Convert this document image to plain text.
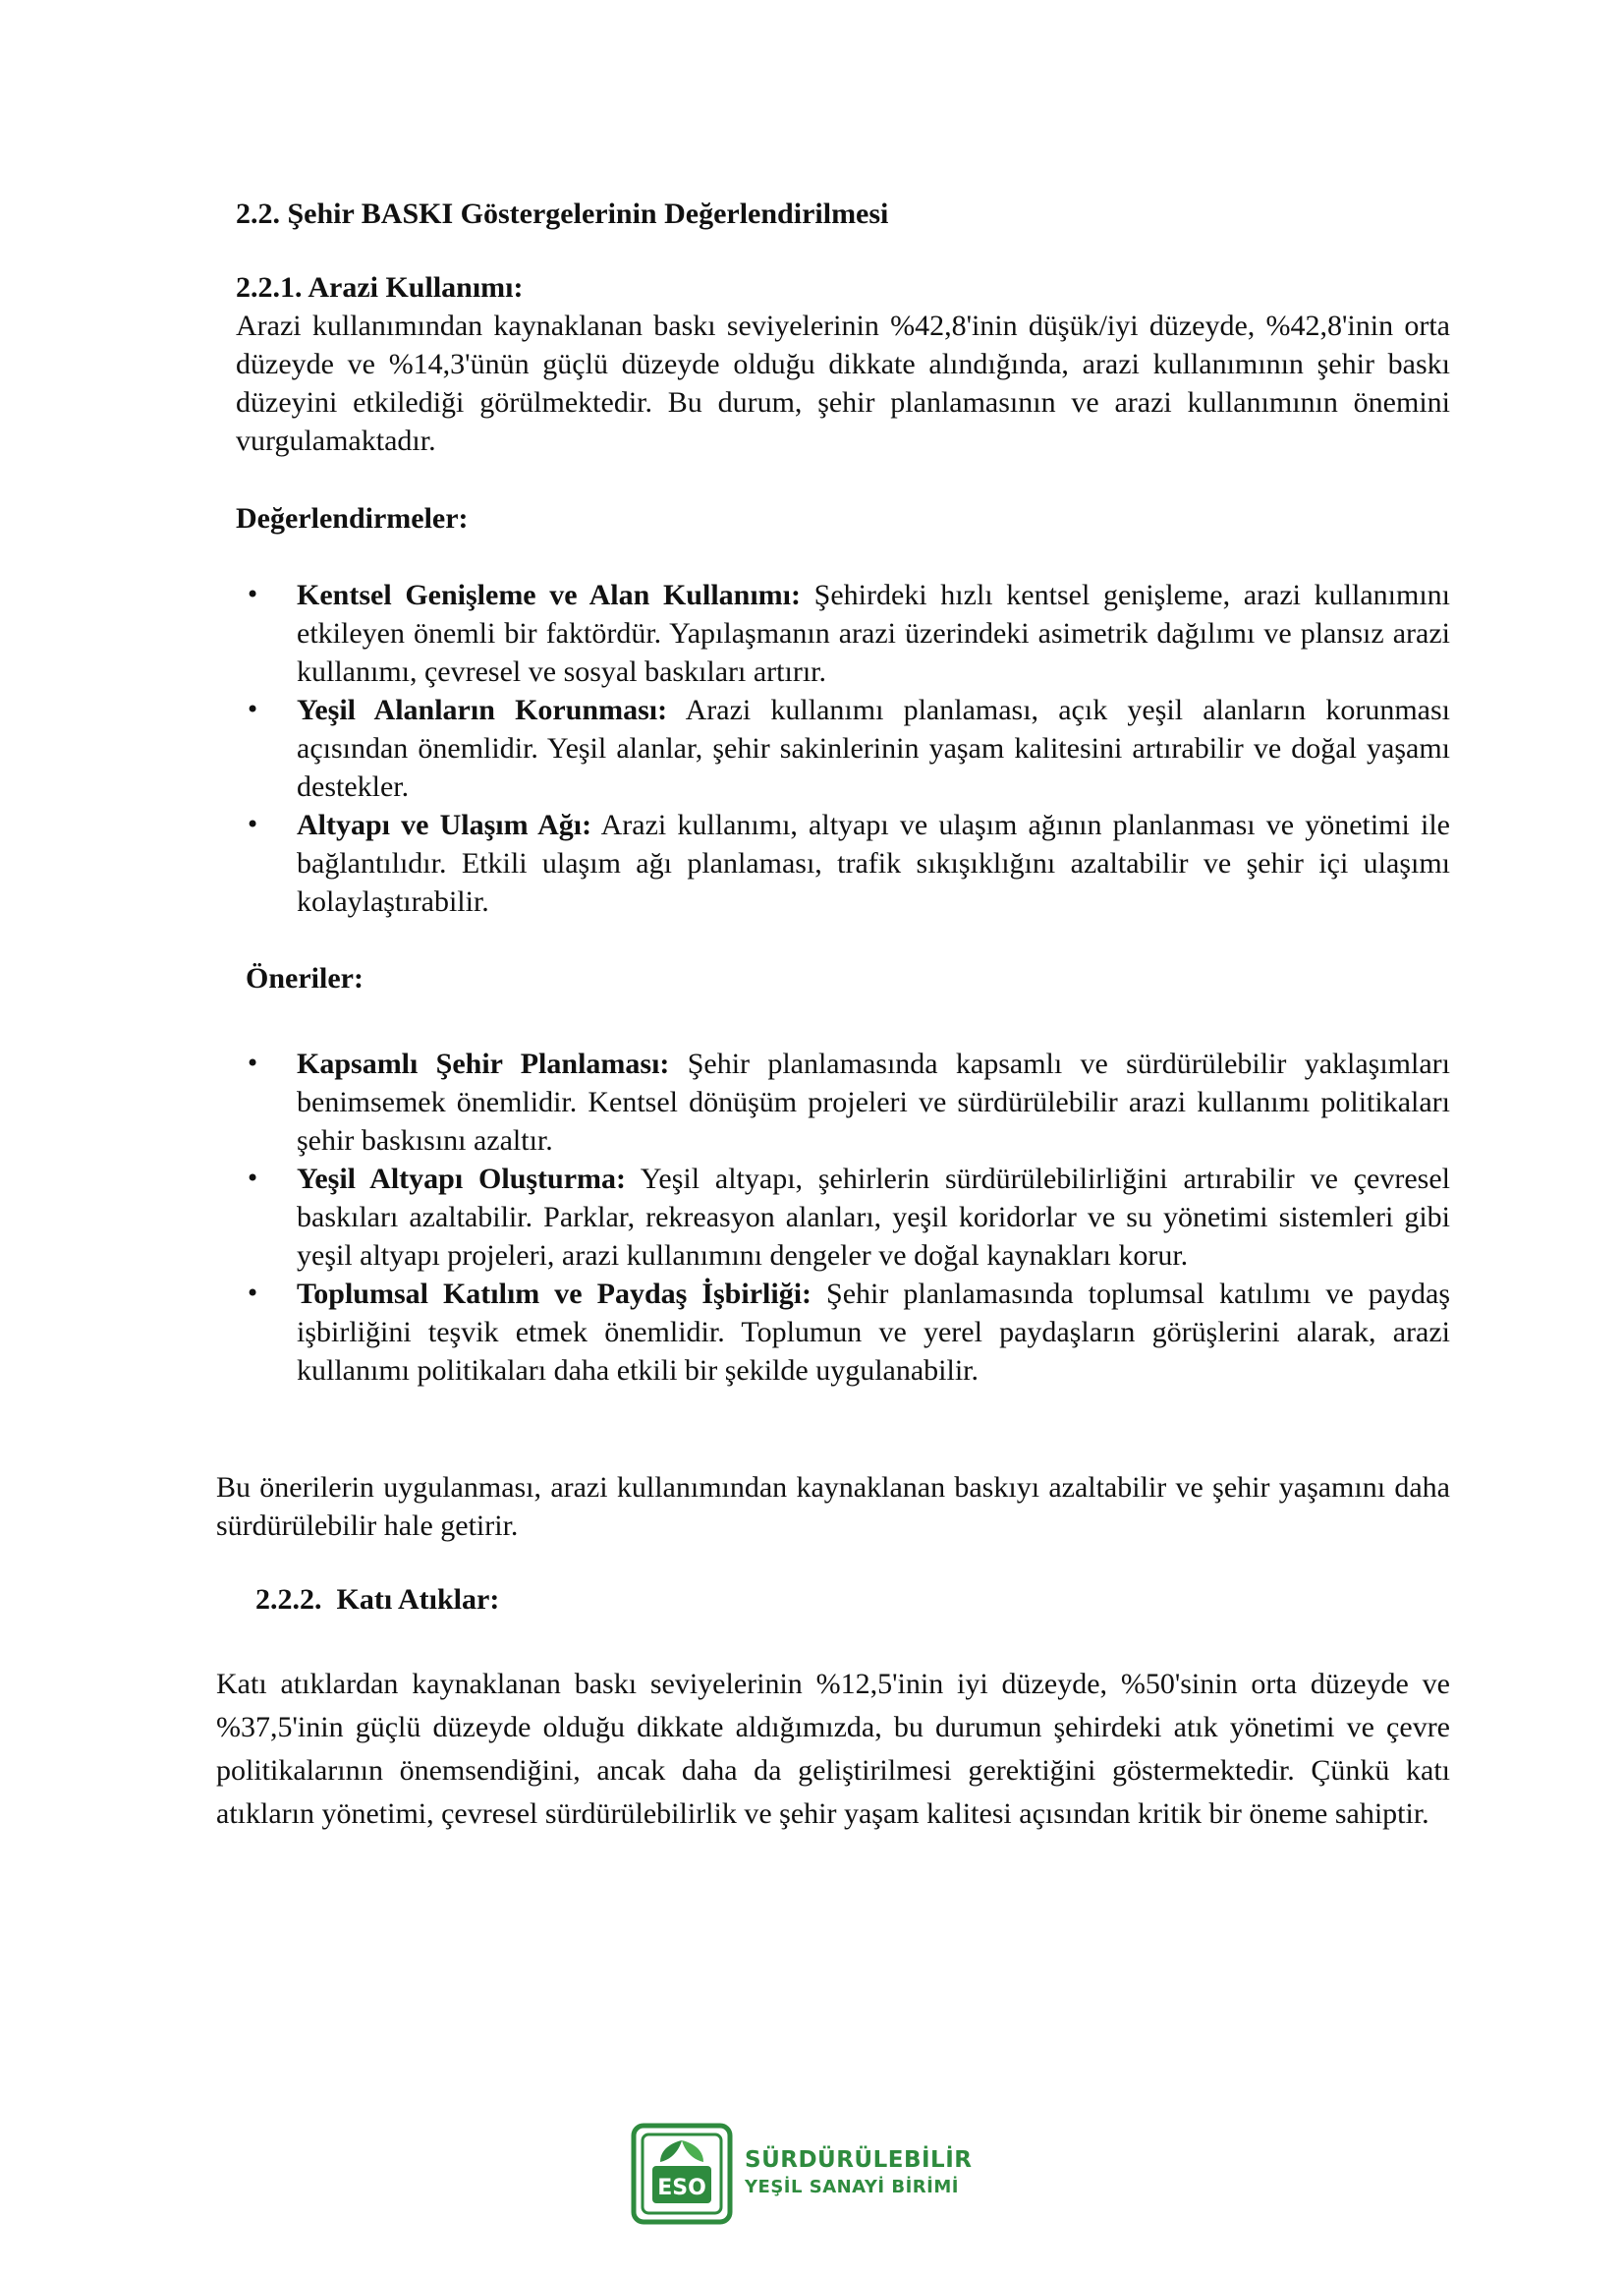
2.2. Şehir BASKI Göstergelerinin Değerlendirilmesi
2.2.1. Arazi Kullanımı:
Arazi kullanımından kaynaklanan baskı seviyelerinin %42,8'inin düşük/iyi düzeyde, %42,8'inin orta düzeyde ve %14,3'ünün güçlü düzeyde olduğu dikkate alındığında, arazi kullanımının şehir baskı düzeyini etkilediği görülmektedir. Bu durum, şehir planlamasının ve arazi kullanımının önemini vurgulamaktadır.
Değerlendirmeler:
• Kentsel Genişleme ve Alan Kullanımı: Şehirdeki hızlı kentsel genişleme, arazi kullanımını etkileyen önemli bir faktördür. Yapılaşmanın arazi üzerindeki asimetrik dağılımı ve plansız arazi kullanımı, çevresel ve sosyal baskıları artırır.
• Yeşil Alanların Korunması: Arazi kullanımı planlaması, açık yeşil alanların korunması açısından önemlidir. Yeşil alanlar, şehir sakinlerinin yaşam kalitesini artırabilir ve doğal yaşamı destekler.
• Altyapı ve Ulaşım Ağı: Arazi kullanımı, altyapı ve ulaşım ağının planlanması ve yönetimi ile bağlantılıdır. Etkili ulaşım ağı planlaması, trafik sıkışıklığını azaltabilir ve şehir içi ulaşımı kolaylaştırabilir.
Öneriler:
• Kapsamlı Şehir Planlaması: Şehir planlamasında kapsamlı ve sürdürülebilir yaklaşımları benimsemek önemlidir. Kentsel dönüşüm projeleri ve sürdürülebilir arazi kullanımı politikaları şehir baskısını azaltır.
• Yeşil Altyapı Oluşturma: Yeşil altyapı, şehirlerin sürdürülebilirliğini artırabilir ve çevresel baskıları azaltabilir. Parklar, rekreasyon alanları, yeşil koridorlar ve su yönetimi sistemleri gibi yeşil altyapı projeleri, arazi kullanımını dengeler ve doğal kaynakları korur.
• Toplumsal Katılım ve Paydaş İşbirliği: Şehir planlamasında toplumsal katılımı ve paydaş işbirliğini teşvik etmek önemlidir. Toplumun ve yerel paydaşların görüşlerini alarak, arazi kullanımı politikaları daha etkili bir şekilde uygulanabilir.
Bu önerilerin uygulanması, arazi kullanımından kaynaklanan baskıyı azaltabilir ve şehir yaşamını daha sürdürülebilir hale getirir.
2.2.2.  Katı Atıklar:
Katı atıklardan kaynaklanan baskı seviyelerinin %12,5'inin iyi düzeyde, %50'sinin orta düzeyde ve %37,5'inin güçlü düzeyde olduğu dikkate aldığımızda, bu durumun şehirdeki atık yönetimi ve çevre politikalarının önemsendiğini, ancak daha da geliştirilmesi gerektiğini göstermektedir. Çünkü katı atıkların yönetimi, çevresel sürdürülebilirlik ve şehir yaşam kalitesi açısından kritik bir öneme sahiptir.
ESO
SÜRDÜRÜLEBİLİR
YEŞİL SANAYİ BİRİMİ
